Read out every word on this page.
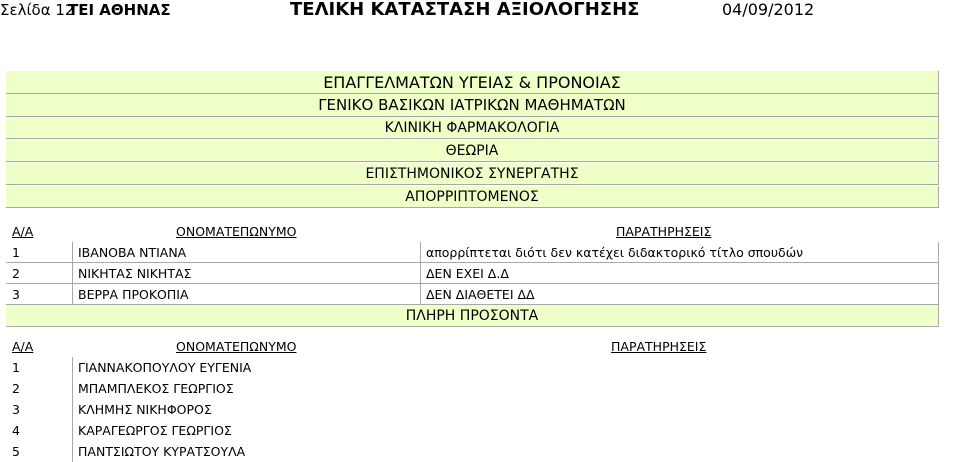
ΤΕΙ ΑΘΗΝΑΣ	ΤΕΛΙΚΗ ΚΑΤΑΣΤΑΣΗ ΑΞΙΟΛΟΓΗΣΗΣ	04/09/2012
Σελίδα 12
ΕΠΑΓΓΕΛΜΑΤΩΝ ΥΓΕΙΑΣ & ΠΡΟΝΟΙΑΣ
ΓΕΝΙΚΟ ΒΑΣΙΚΩΝ ΙΑΤΡΙΚΩΝ ΜΑΘΗΜΑΤΩΝ
ΚΛΙΝΙΚΗ ΦΑΡΜΑΚΟΛΟΓΙΑ
ΘΕΩΡΙΑ
ΕΠΙΣΤΗΜΟΝΙΚΟΣ ΣΥΝΕΡΓΑΤΗΣ
ΑΠΟΡΡΙΠΤΟΜΕΝΟΣ
Α/Α	ΟΝΟΜΑΤΕΠΩΝΥΜΟ	ΠΑΡΑΤΗΡΗΣΕΙΣ
1	ΙΒΑΝΟΒΑ ΝΤΙΑΝΑ	απορρίπτεται διότι δεν κατέχει διδακτορικό τίτλο σπουδών
2	ΝΙΚΗΤΑΣ ΝΙΚΗΤΑΣ	ΔΕΝ ΕΧΕΙ Δ.Δ
3	ΒΕΡΡΑ ΠΡΟΚΟΠΙΑ	ΔΕΝ ΔΙΑΘΕΤΕΙ ΔΔ
ΠΛΗΡΗ ΠΡΟΣΟΝΤΑ
Α/Α	ΟΝΟΜΑΤΕΠΩΝΥΜΟ	ΠΑΡΑΤΗΡΗΣΕΙΣ
1	ΓΙΑΝΝΑΚΟΠΟΥΛΟΥ ΕΥΓΕΝΙΑ
2	ΜΠΑΜΠΛΕΚΟΣ ΓΕΩΡΓΙΟΣ
3	ΚΛΗΜΗΣ ΝΙΚΗΦΟΡΟΣ
4	ΚΑΡΑΓΕΩΡΓΟΣ ΓΕΩΡΓΙΟΣ
5	ΠΑΝΤΣΙΩΤΟΥ ΚΥΡΑΤΣΟΥΛΑ
